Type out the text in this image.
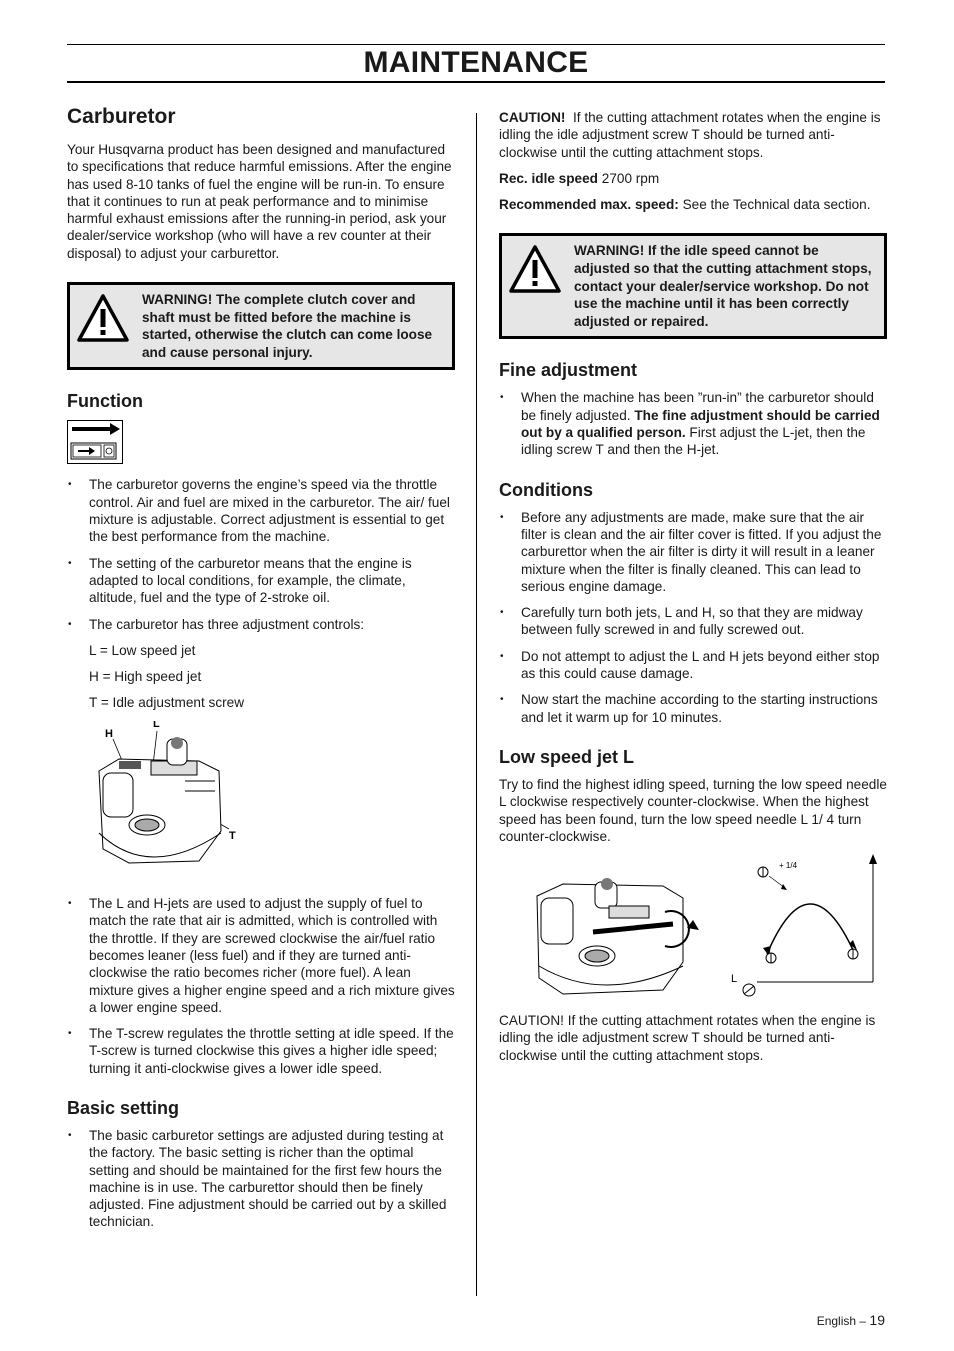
MAINTENANCE
Carburetor

Your Husqvarna product has been designed and manufactured to specifications that reduce harmful emissions. After the engine has used 8-10 tanks of fuel the engine will be run-in. To ensure that it continues to run at peak performance and to minimise harmful exhaust emissions after the running-in period, ask your dealer/service workshop (who will have a rev counter at their disposal) to adjust your carburettor.

WARNING! The complete clutch cover and shaft must be fitted before the machine is started, otherwise the clutch can come loose and cause personal injury.
Function
• The carburetor governs the engine’s speed via the throttle control. Air and fuel are mixed in the carburetor. The air/ fuel mixture is adjustable. Correct adjustment is essential to get the best performance from the machine.
• The setting of the carburetor means that the engine is adapted to local conditions, for example, the climate, altitude, fuel and the type of 2-stroke oil.
• The carburetor has three adjustment controls:
L = Low speed jet
H = High speed jet
T = Idle adjustment screw
H
L
T
• The L and H-jets are used to adjust the supply of fuel to match the rate that air is admitted, which is controlled with the throttle. If they are screwed clockwise the air/fuel ratio becomes leaner (less fuel) and if they are turned anti-clockwise the ratio becomes richer (more fuel). A lean mixture gives a higher engine speed and a rich mixture gives a lower engine speed.
• The T-screw regulates the throttle setting at idle speed. If the T-screw is turned clockwise this gives a higher idle speed; turning it anti-clockwise gives a lower idle speed.
Basic setting
• The basic carburetor settings are adjusted during testing at the factory. The basic setting is richer than the optimal setting and should be maintained for the first few hours the machine is in use. The carburettor should then be finely adjusted. Fine adjustment should be carried out by a skilled technician.

CAUTION! If the cutting attachment rotates when the engine is idling the idle adjustment screw T should be turned anti-clockwise until the cutting attachment stops.

Rec. idle speed 2700 rpm

Recommended max. speed: See the Technical data section.

WARNING! If the idle speed cannot be adjusted so that the cutting attachment stops, contact your dealer/service workshop. Do not use the machine until it has been correctly adjusted or repaired.
Fine adjustment
• When the machine has been ”run-in” the carburetor should be finely adjusted. The fine adjustment should be carried out by a qualified person. First adjust the L-jet, then the idling screw T and then the H-jet.
Conditions
• Before any adjustments are made, make sure that the air filter is clean and the air filter cover is fitted. If you adjust the carburettor when the air filter is dirty it will result in a leaner mixture when the filter is finally cleaned. This can lead to serious engine damage.
• Carefully turn both jets, L and H, so that they are midway between fully screwed in and fully screwed out.
• Do not attempt to adjust the L and H jets beyond either stop as this could cause damage.
• Now start the machine according to the starting instructions and let it warm up for 10 minutes.
Low speed jet L

Try to find the highest idling speed, turning the low speed needle L clockwise respectively counter-clockwise. When the highest speed has been found, turn the low speed needle L 1/ 4 turn counter-clockwise.

+ 1/4
L

CAUTION! If the cutting attachment rotates when the engine is idling the idle adjustment screw T should be turned anti-clockwise until the cutting attachment stops.

English – 19
